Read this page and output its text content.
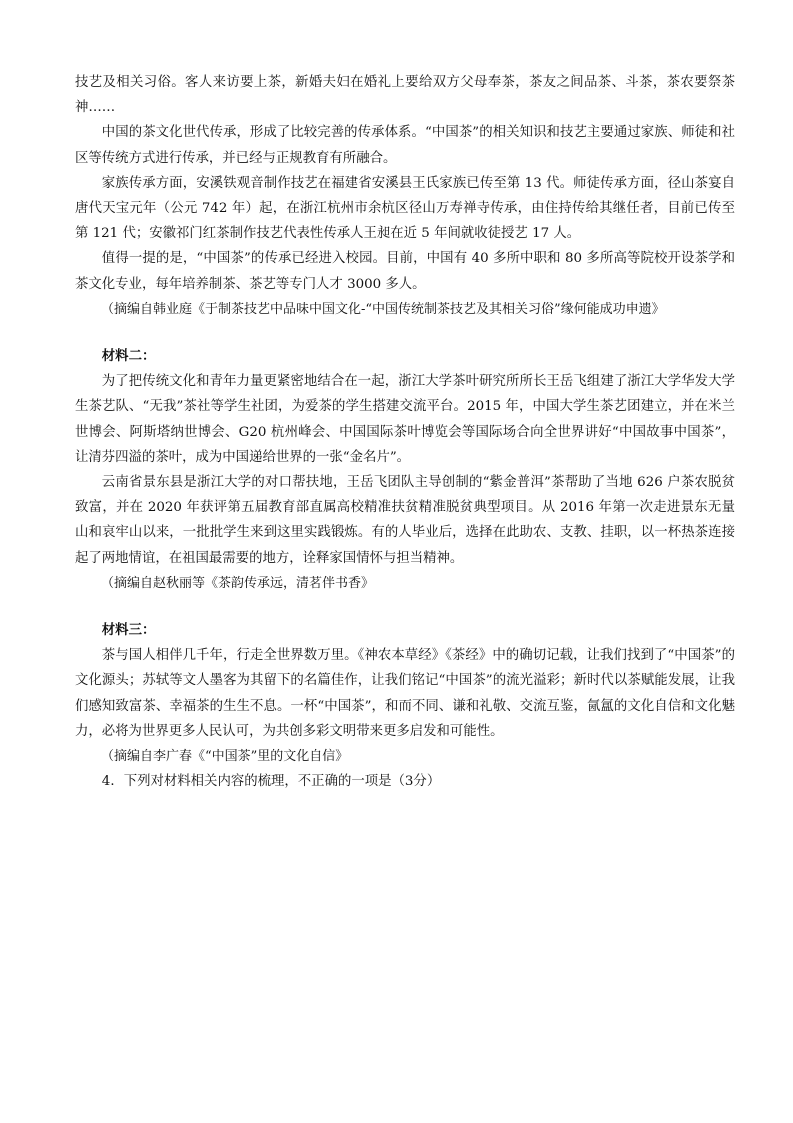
技艺及相关习俗。客人来访要上茶，新婚夫妇在婚礼上要给双方父母奉茶，茶友之间品茶、斗茶，茶农要祭茶神……

中国的茶文化世代传承，形成了比较完善的传承体系。“中国茶”的相关知识和技艺主要通过家族、师徒和社区等传统方式进行传承，并已经与正规教育有所融合。

家族传承方面，安溪铁观音制作技艺在福建省安溪县王氏家族已传至第 13 代。师徒传承方面，径山茶宴自唐代天宝元年（公元 742 年）起，在浙江杭州市余杭区径山万寿禅寺传承，由住持传给其继任者，目前已传至第 121 代；安徽祁门红茶制作技艺代表性传承人王昶在近 5 年间就收徒授艺 17 人。

值得一提的是，“中国茶”的传承已经进入校园。目前，中国有 40 多所中职和 80 多所高等院校开设茶学和茶文化专业，每年培养制茶、茶艺等专门人才 3000 多人。

（摘编自韩业庭《于制茶技艺中品味中国文化-“中国传统制茶技艺及其相关习俗”缘何能成功申遗》

材料二：

为了把传统文化和青年力量更紧密地结合在一起，浙江大学茶叶研究所所长王岳飞组建了浙江大学华发大学生茶艺队、“无我”茶社等学生社团，为爱茶的学生搭建交流平台。2015 年，中国大学生茶艺团建立，并在米兰世博会、阿斯塔纳世博会、G20 杭州峰会、中国国际茶叶博览会等国际场合向全世界讲好“中国故事中国茶”，让清芬四溢的茶叶，成为中国递给世界的一张“金名片”。

云南省景东县是浙江大学的对口帮扶地，王岳飞团队主导创制的“紫金普洱”茶帮助了当地 626 户茶农脱贫致富，并在 2020 年获评第五届教育部直属高校精准扶贫精准脱贫典型项目。从 2016 年第一次走进景东无量山和哀牢山以来，一批批学生来到这里实践锻炼。有的人毕业后，选择在此助农、支教、挂职，以一杯热茶连接起了两地情谊，在祖国最需要的地方，诠释家国情怀与担当精神。

（摘编自赵秋丽等《茶韵传承远，清茗伴书香》

材料三：

茶与国人相伴几千年，行走全世界数万里。《神农本草经》《茶经》中的确切记载，让我们找到了“中国茶”的文化源头；苏轼等文人墨客为其留下的名篇佳作，让我们铭记“中国茶”的流光溢彩；新时代以茶赋能发展，让我们感知致富茶、幸福茶的生生不息。一杯“中国茶”，和而不同、谦和礼敬、交流互鉴，氤氲的文化自信和文化魅力，必将为世界更多人民认可，为共创多彩文明带来更多启发和可能性。

（摘编自李广春《“中国茶”里的文化自信》

4．下列对材料相关内容的梳理，不正确的一项是（3分）
